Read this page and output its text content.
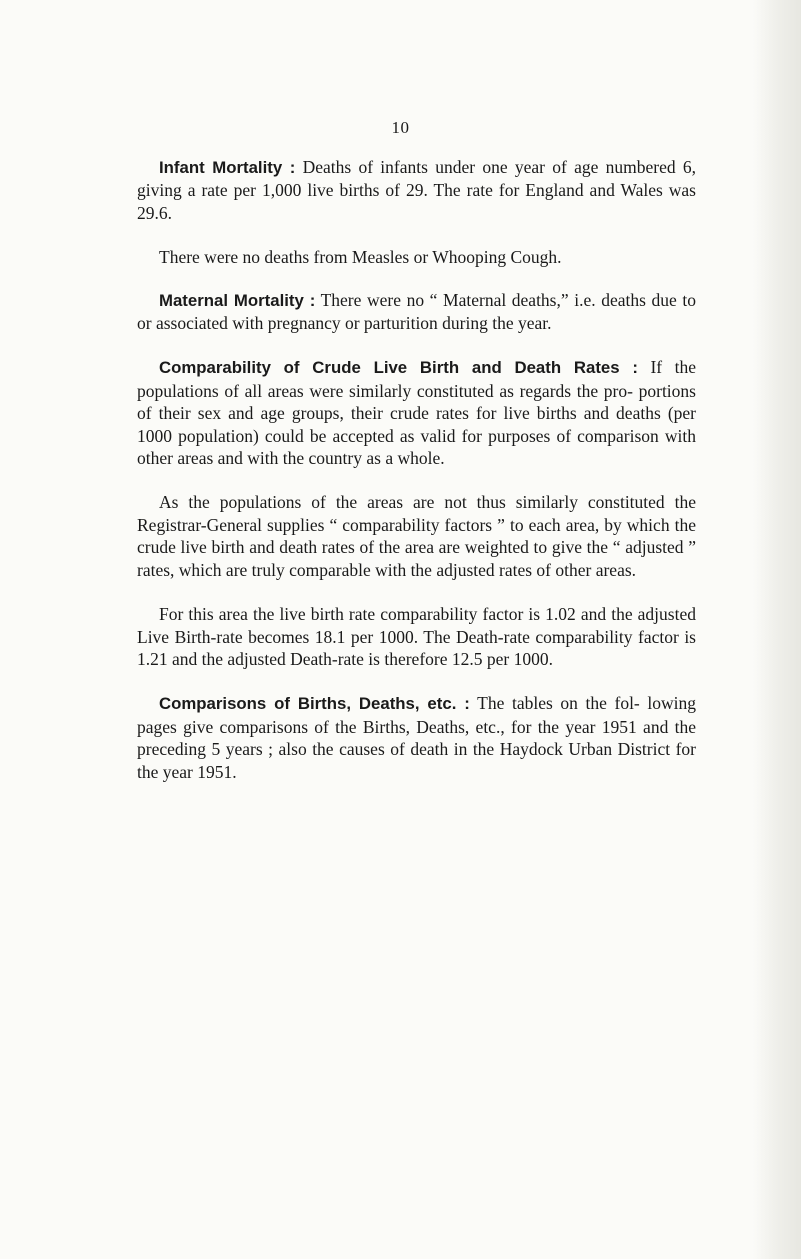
10

Infant Mortality : Deaths of infants under one year of age numbered 6, giving a rate per 1,000 live births of 29. The rate for England and Wales was 29.6.

There were no deaths from Measles or Whooping Cough.

Maternal Mortality : There were no “ Maternal deaths,” i.e. deaths due to or associated with pregnancy or parturition during the year.

Comparability of Crude Live Birth and Death Rates : If the populations of all areas were similarly constituted as regards the pro- portions of their sex and age groups, their crude rates for live births and deaths (per 1000 population) could be accepted as valid for purposes of comparison with other areas and with the country as a whole.

As the populations of the areas are not thus similarly constituted the Registrar-General supplies “ comparability factors ” to each area, by which the crude live birth and death rates of the area are weighted to give the “ adjusted ” rates, which are truly comparable with the adjusted rates of other areas.

For this area the live birth rate comparability factor is 1.02 and the adjusted Live Birth-rate becomes 18.1 per 1000. The Death-rate comparability factor is 1.21 and the adjusted Death-rate is therefore 12.5 per 1000.

Comparisons of Births, Deaths, etc. : The tables on the fol- lowing pages give comparisons of the Births, Deaths, etc., for the year 1951 and the preceding 5 years ; also the causes of death in the Haydock Urban District for the year 1951.
